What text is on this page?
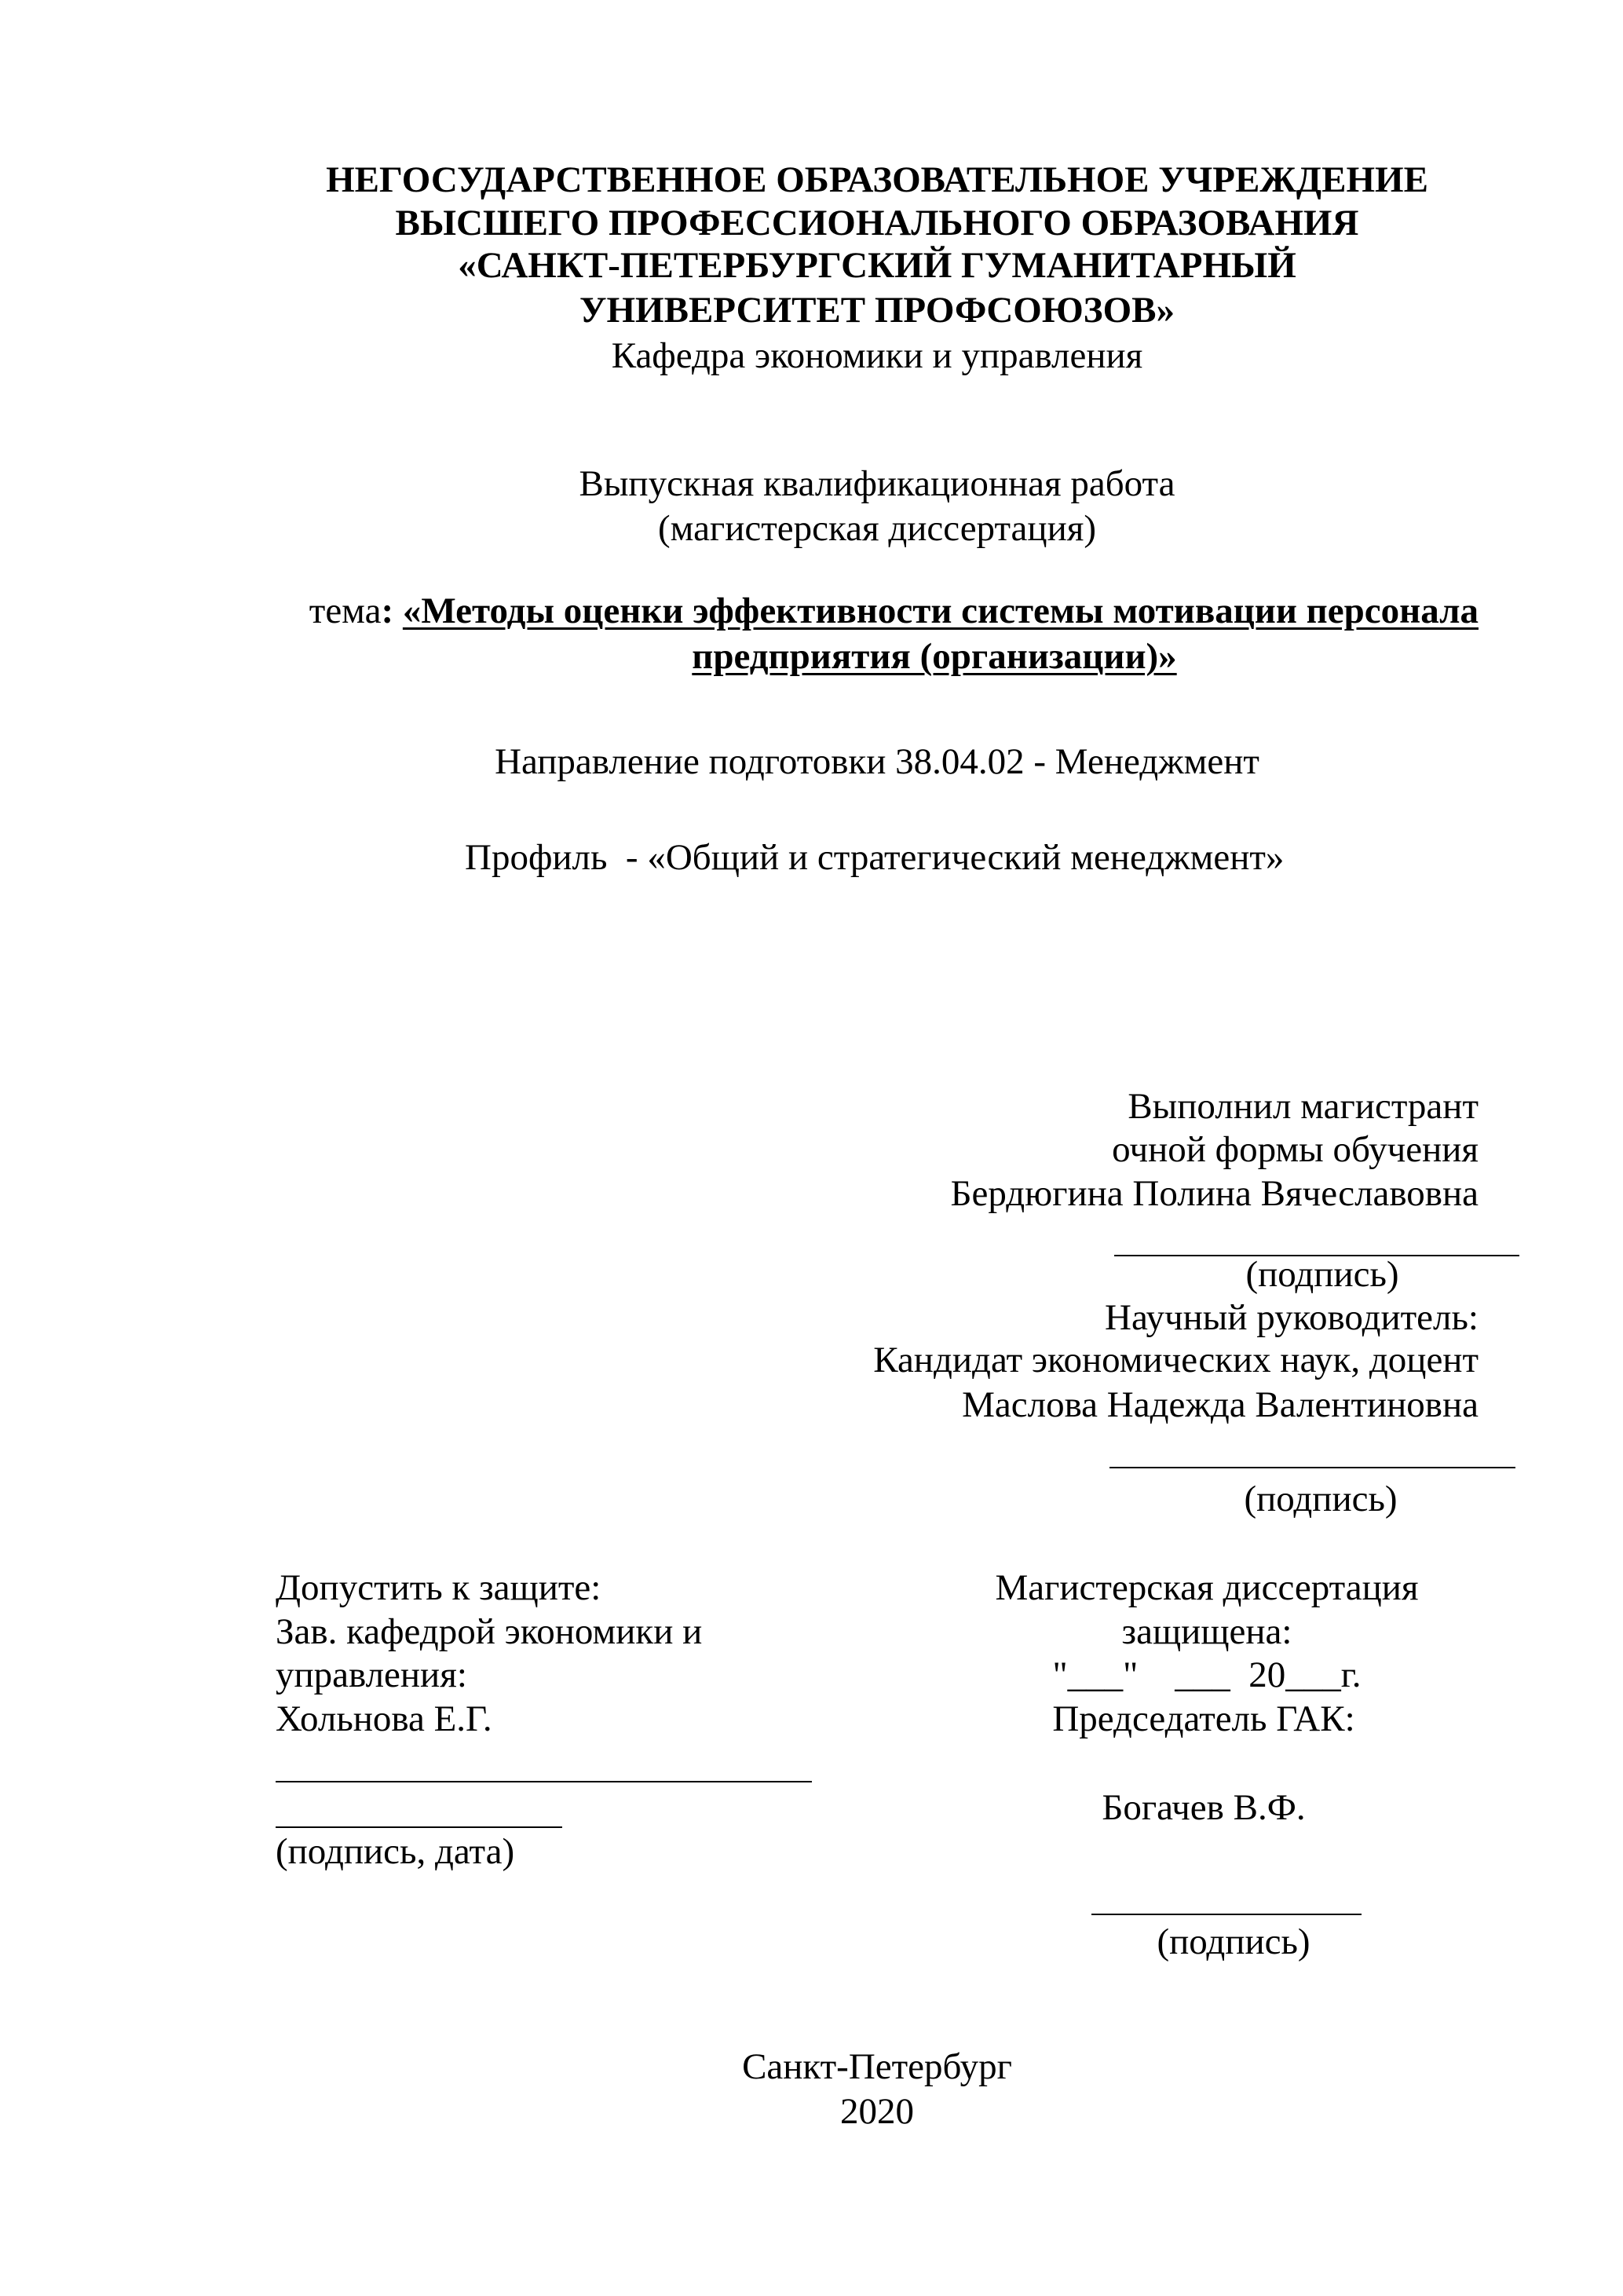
НЕГОСУДАРСТВЕННОЕ ОБРАЗОВАТЕЛЬНОЕ УЧРЕЖДЕНИЕ
ВЫСШЕГО ПРОФЕССИОНАЛЬНОГО ОБРАЗОВАНИЯ
«САНКТ-ПЕТЕРБУРГСКИЙ ГУМАНИТАРНЫЙ
УНИВЕРСИТЕТ ПРОФСОЮЗОВ»
Кафедра экономики и управления
Выпускная квалификационная работа
(магистерская диссертация)
тема: «Методы оценки эффективности системы мотивации персонала
предприятия (организации)»
Направление подготовки 38.04.02 - Менеджмент
Профиль  - «Общий и стратегический менеджмент»
Выполнил магистрант
очной формы обучения
Бердюгина Полина Вячеславовна
(подпись)
Научный руководитель:
Кандидат экономических наук, доцент
Маслова Надежда Валентиновна
(подпись)
Допустить к защите:
Зав. кафедрой экономики и
управления:
Хольнова Е.Г.
(подпись, дата)
Магистерская диссертация
защищена:
"___"    ___  20___г.
Председатель ГАК:
Богачев В.Ф.
(подпись)
Санкт-Петербург
2020
